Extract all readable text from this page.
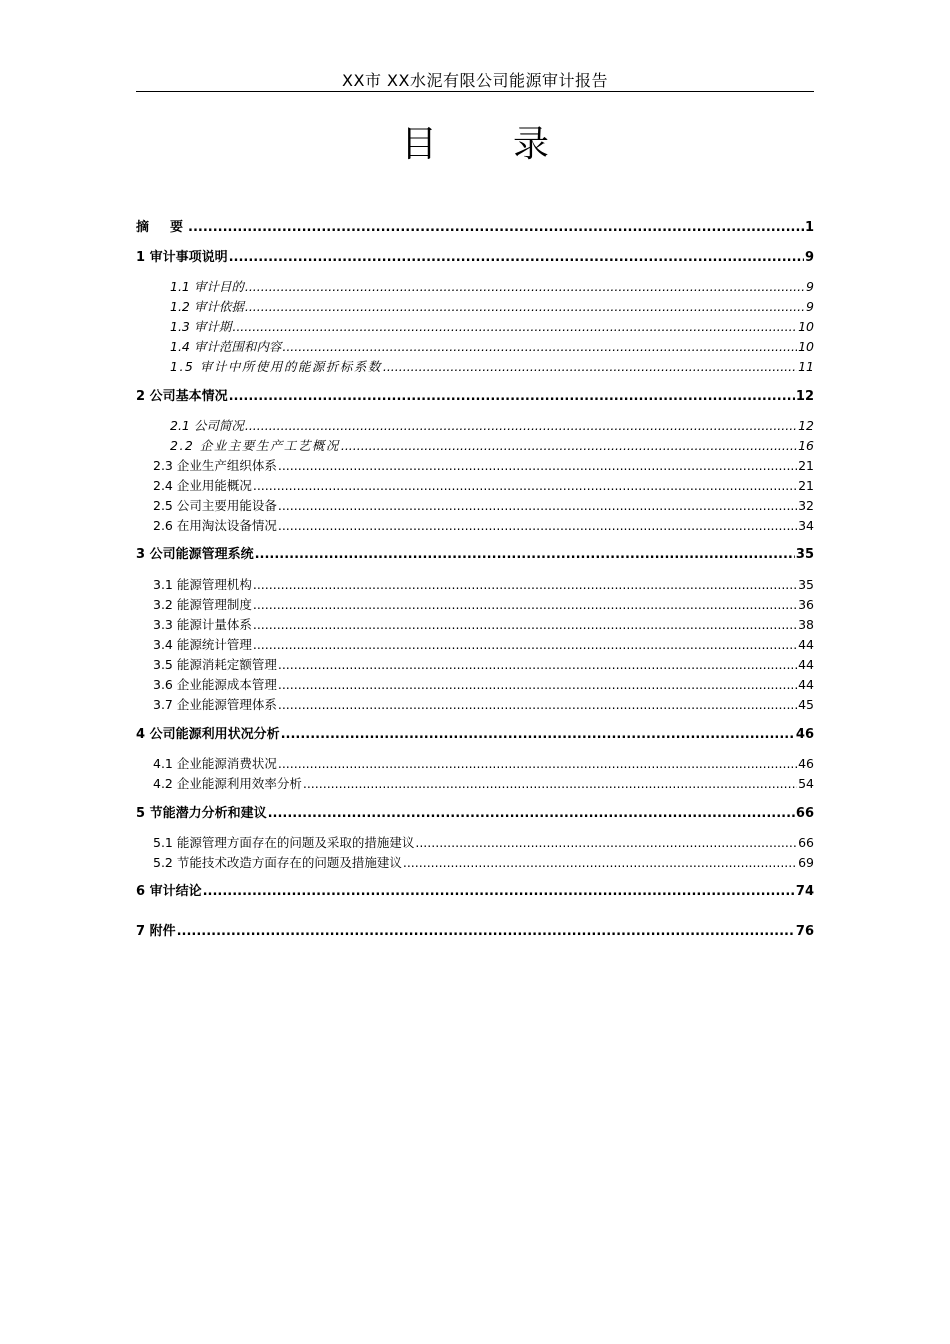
XX市 XX水泥有限公司能源审计报告
目录
摘　要 .....	1
1 审计事项说明 .....	9
1.1 审计目的 .....	9
1.2 审计依据 .....	9
1.3 审计期 .....	10
1.4 审计范围和内容 .....	10
1.5 审计中所使用的能源折标系数 .....	11
2 公司基本情况 .....	12
2.1 公司简况 .....	12
2.2 企业主要生产工艺概况 .....	16
2.3 企业生产组织体系 .....	21
2.4 企业用能概况 .....	21
2.5 公司主要用能设备 .....	32
2.6 在用淘汰设备情况 .....	34
3 公司能源管理系统 .....	35
3.1 能源管理机构 .....	35
3.2 能源管理制度 .....	36
3.3 能源计量体系 .....	38
3.4 能源统计管理 .....	44
3.5 能源消耗定额管理 .....	44
3.6 企业能源成本管理 .....	44
3.7 企业能源管理体系 .....	45
4 公司能源利用状况分析 .....	46
4.1 企业能源消费状况 .....	46
4.2 企业能源利用效率分析 .....	54
5 节能潜力分析和建议 .....	66
5.1 能源管理方面存在的问题及采取的措施建议 .....	66
5.2 节能技术改造方面存在的问题及措施建议 .....	69
6 审计结论 .....	74
7 附件 .....	76
